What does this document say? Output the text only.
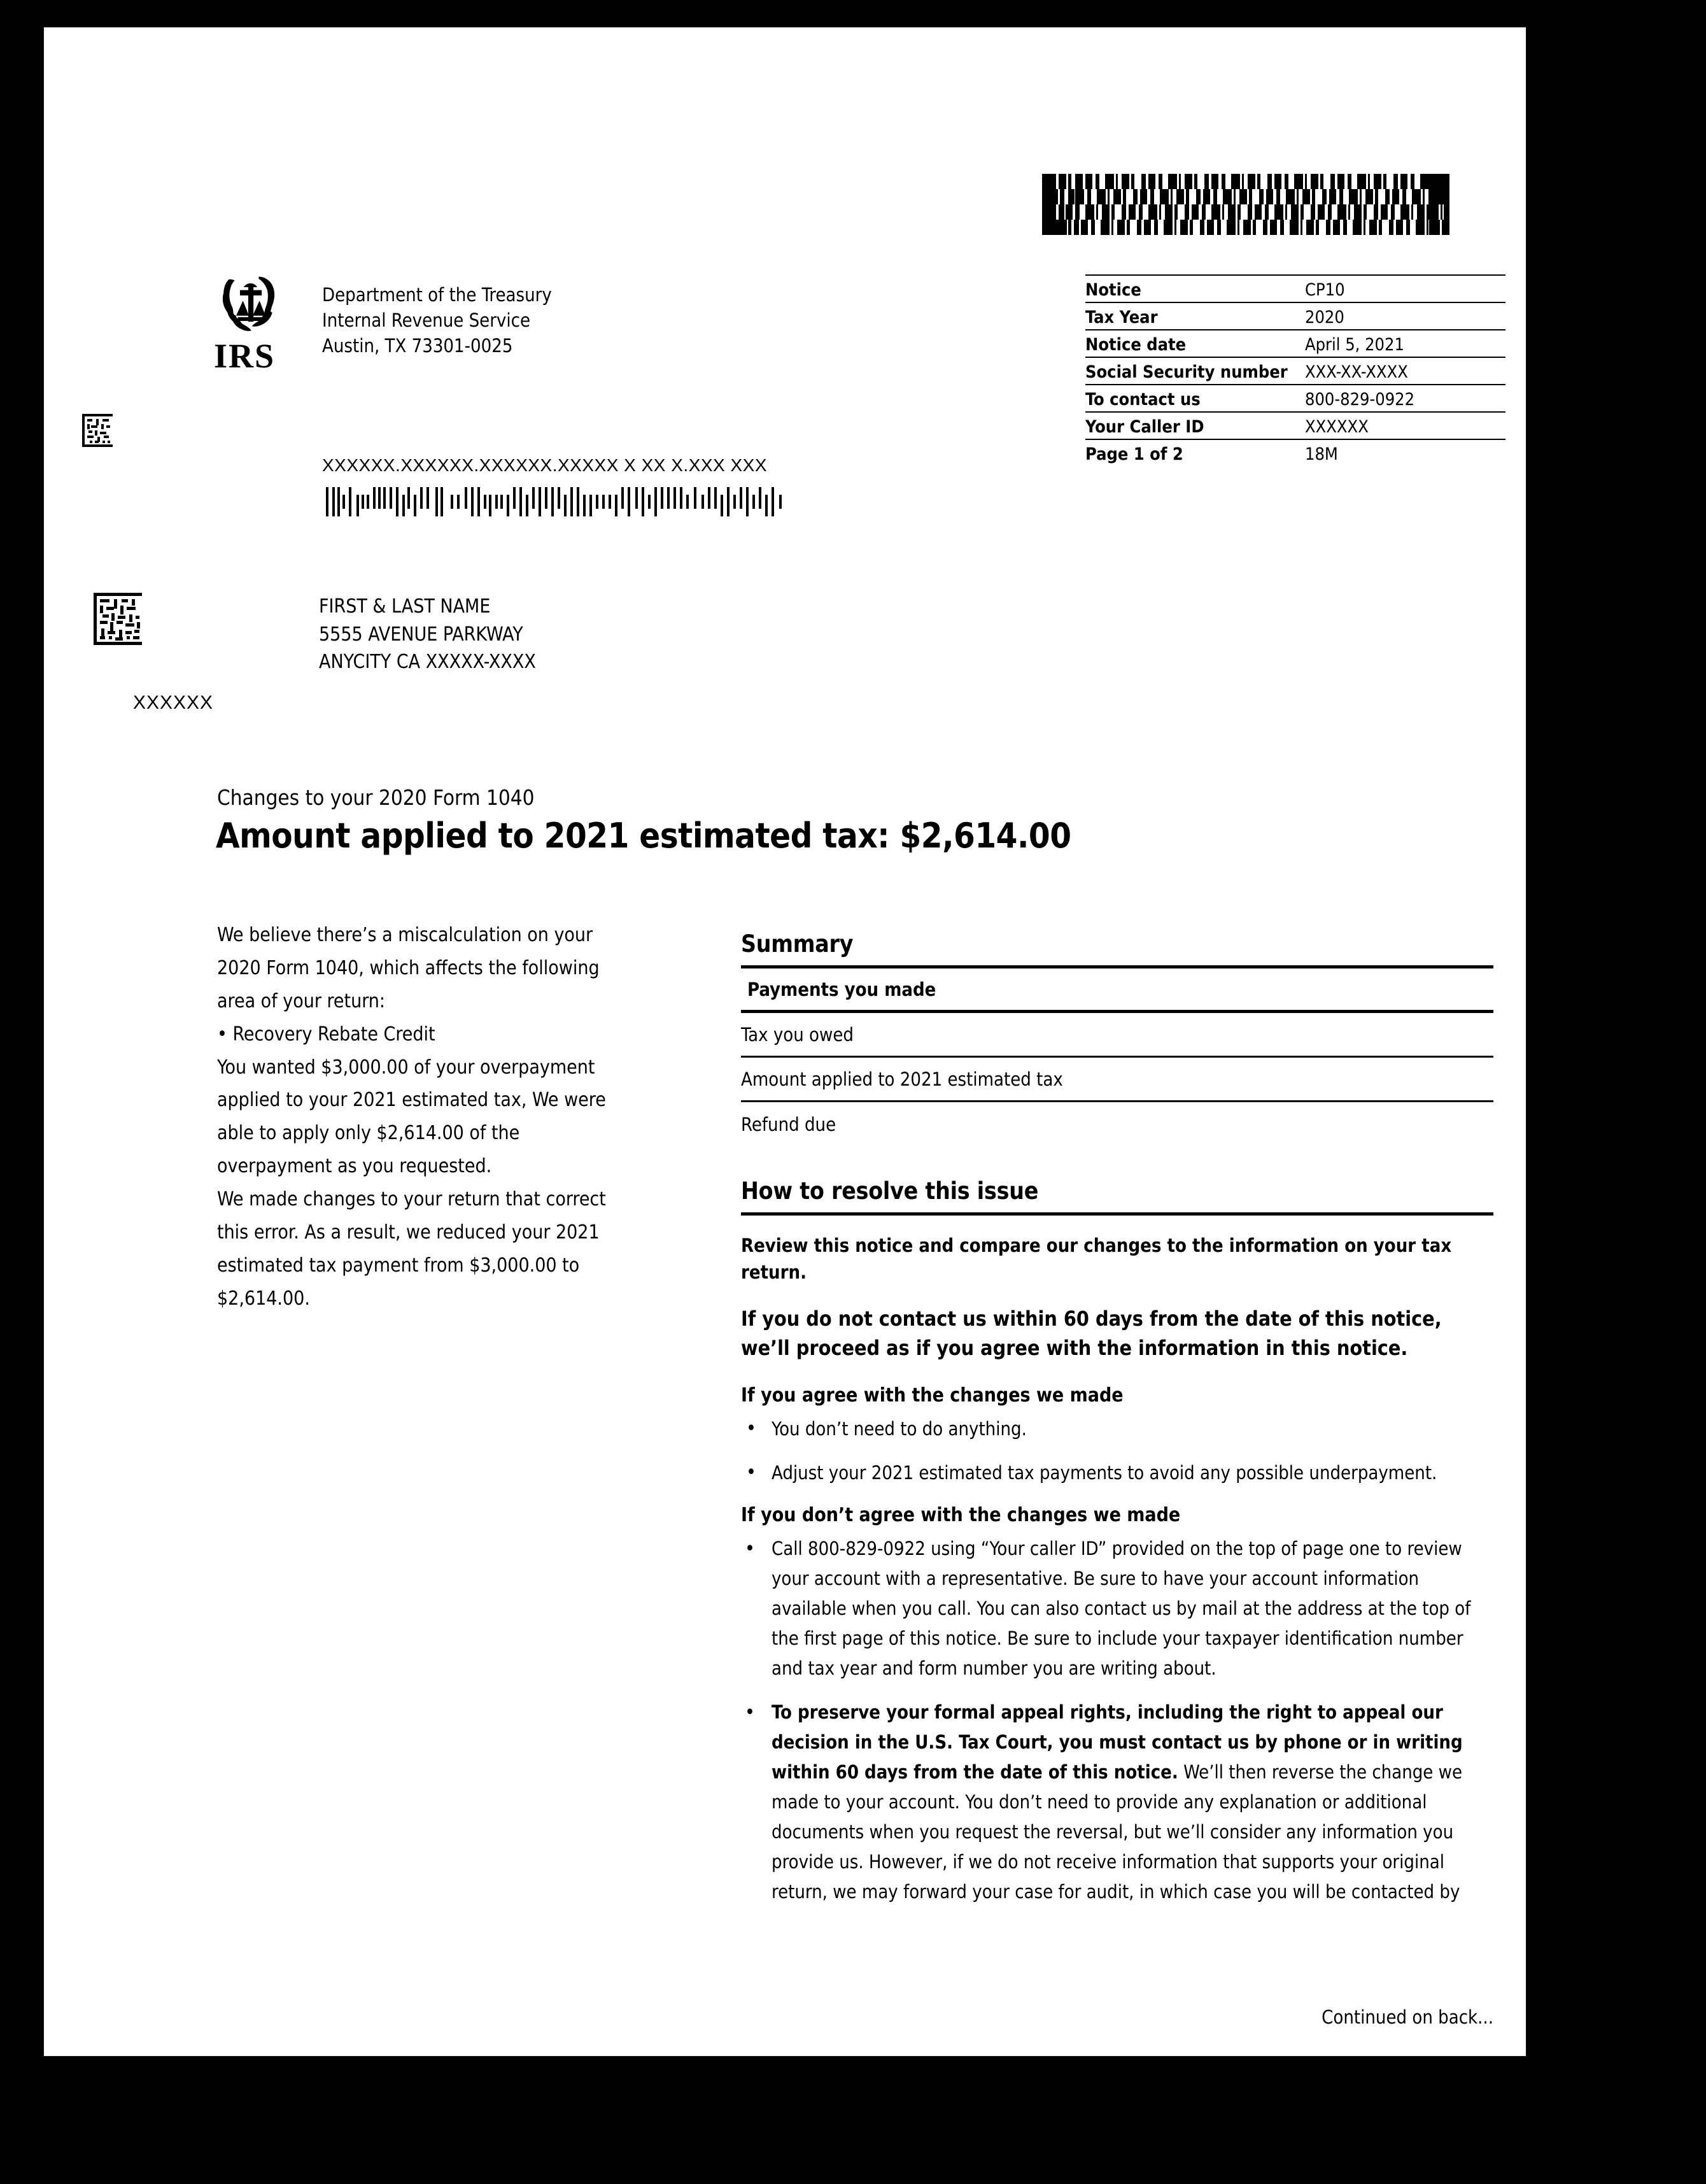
IRS
Department of the Treasury
Internal Revenue Service
Austin, TX 73301-0025
Notice	CP10
Tax Year	2020
Notice date	April 5, 2021
Social Security number	XXX-XX-XXXX
To contact us	800-829-0922
Your Caller ID	XXXXXX
Page 1 of 2	18M
XXXXXX.XXXXXX.XXXXXX.XXXXX X XX X.XXX XXX
FIRST & LAST NAME
5555 AVENUE PARKWAY
ANYCITY CA XXXXX-XXXX
XXXXXX
Changes to your 2020 Form 1040
Amount applied to 2021 estimated tax: $2,614.00

We believe there’s a miscalculation on your 2020 Form 1040, which affects the following area of your return:

• Recovery Rebate Credit

You wanted $3,000.00 of your overpayment applied to your 2021 estimated tax, We were able to apply only $2,614.00 of the overpayment as you requested.

We made changes to your return that correct this error. As a result, we reduced your 2021 estimated tax payment from $3,000.00 to $2,614.00.

Summary
Payments you made
Tax you owed
Amount applied to 2021 estimated tax
Refund due
How to resolve this issue
Review this notice and compare our changes to the information on your tax return.
If you do not contact us within 60 days from the date of this notice, we’ll proceed as if you agree with the information in this notice.
If you agree with the changes we made
• You don’t need to do anything.
• Adjust your 2021 estimated tax payments to avoid any possible underpayment.
If you don’t agree with the changes we made
• Call 800-829-0922 using “Your caller ID” provided on the top of page one to review your account with a representative. Be sure to have your account information available when you call. You can also contact us by mail at the address at the top of the first page of this notice. Be sure to include your taxpayer identification number and tax year and form number you are writing about.
• To preserve your formal appeal rights, including the right to appeal our decision in the U.S. Tax Court, you must contact us by phone or in writing within 60 days from the date of this notice. We’ll then reverse the change we made to your account. You don’t need to provide any explanation or additional documents when you request the reversal, but we’ll consider any information you provide us. However, if we do not receive information that supports your original return, we may forward your case for audit, in which case you will be contacted by
Continued on back...
